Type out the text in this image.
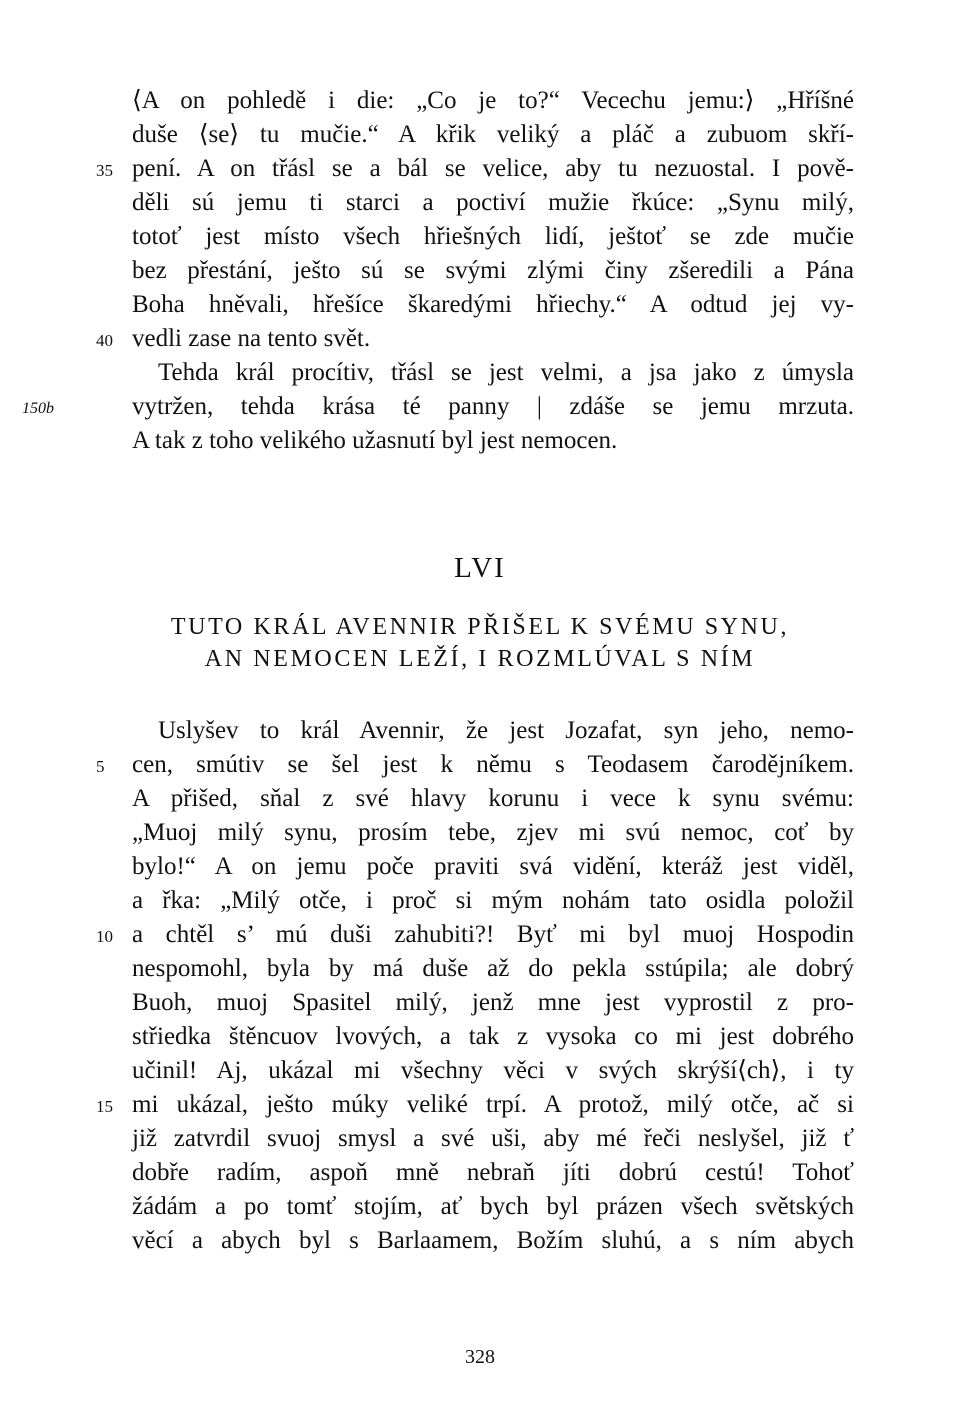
⟨A on pohledě i die: „Co je to?“ Vecechu jemu:⟩ „Hříšné
duše ⟨se⟩ tu mučie.“ A křik veliký a pláč a zubuom skří-
pení. A on třásl se a bál se velice, aby tu nezuostal. I pově-
děli sú jemu ti starci a poctiví mužie řkúce: „Synu milý,
totoť jest místo všech hřiešných lidí, ještoť se zde mučie
bez přestání, ješto sú se svými zlými činy zšeredili a Pána
Boha hněvali, hřešíce škaredými hřiechy.“ A odtud jej vy-
vedli zase na tento svět.
Tehda král procítiv, třásl se jest velmi, a jsa jako z úmysla
vytržen, tehda krása té panny | zdáše se jemu mrzuta.
A tak z toho velikého užasnutí byl jest nemocen.
35
40
150b
LVI
TUTO KRÁL AVENNIR PŘIŠEL K SVÉMU SYNU,
AN NEMOCEN LEŽÍ, I ROZMLÚVAL S NÍM
Uslyšev to král Avennir, že jest Jozafat, syn jeho, nemo-
cen, smútiv se šel jest k němu s Teodasem čarodějníkem.
A přišed, sňal z své hlavy korunu i vece k synu svému:
„Muoj milý synu, prosím tebe, zjev mi svú nemoc, coť by
bylo!“ A on jemu poče praviti svá vidění, kteráž jest viděl,
a řka: „Milý otče, i proč si mým nohám tato osidla položil
a chtěl s’ mú duši zahubiti?! Byť mi byl muoj Hospodin
nespomohl, byla by má duše až do pekla sstúpila; ale dobrý
Buoh, muoj Spasitel milý, jenž mne jest vyprostil z pro-
střiedka štěncuov lvových, a tak z vysoka co mi jest dobrého
učinil! Aj, ukázal mi všechny věci v svých skrýší⟨ch⟩, i ty
mi ukázal, ješto múky veliké trpí. A protož, milý otče, ač si
již zatvrdil svuoj smysl a své uši, aby mé řeči neslyšel, již ť
dobře radím, aspoň mně nebraň jíti dobrú cestú! Tohoť
žádám a po tomť stojím, ať bych byl prázen všech světských
věcí a abych byl s Barlaamem, Božím sluhú, a s ním abych
5
10
15
328
